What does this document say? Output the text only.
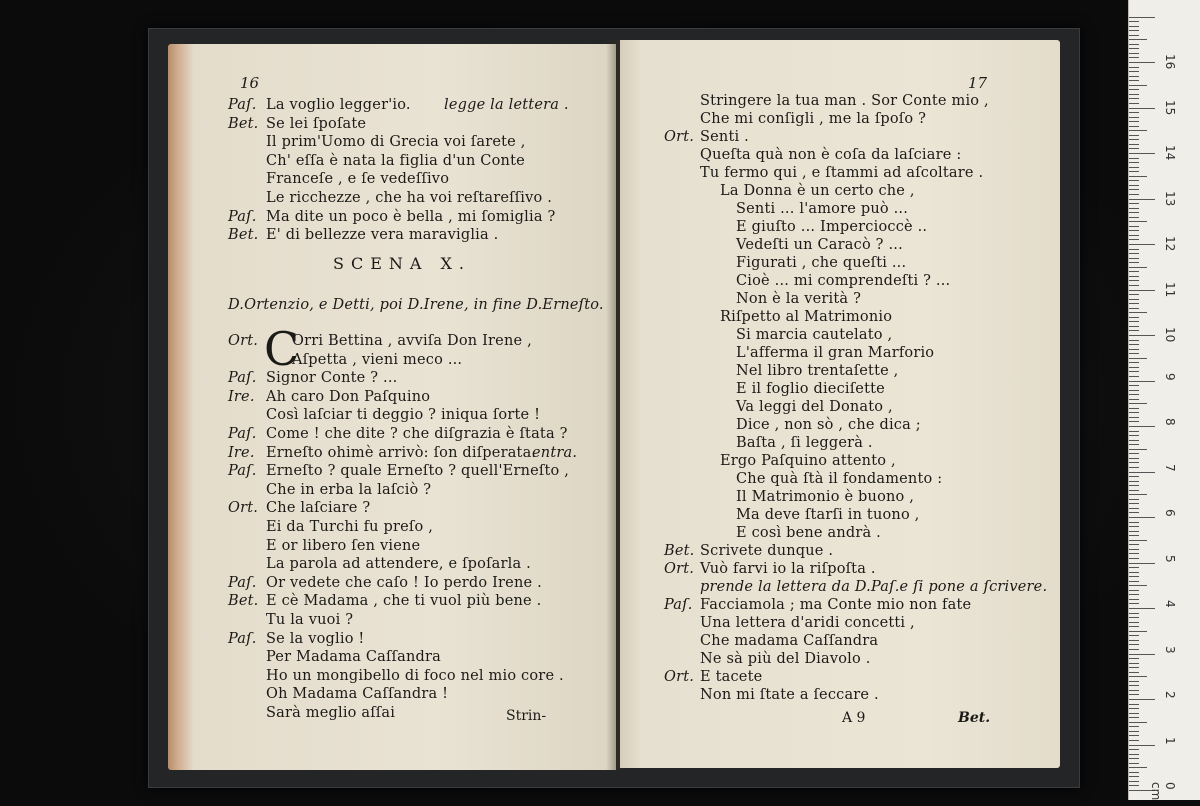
16
Paſ. La voglio legger'io. legge la lettera .
Bet. Se lei ſpoſate
Il prim'Uomo di Grecia voi ſarete ,
Ch' eſſa è nata la figlia d'un Conte
Franceſe , e ſe vedeſſivo
Le ricchezze , che ha voi reſtareſſivo .
Paſ. Ma dite un poco è bella , mi ſomiglia ?
Bet. E' di bellezze vera maraviglia .
SCENA X.
D.Ortenzio, e Detti, poi D.Irene, in fine D.Erneſto.
C
Ort. Orri Bettina , avviſa Don Irene ,
Aſpetta , vieni meco ...
Paſ. Signor Conte ? ...
Ire. Ah caro Don Paſquino
Così laſciar ti deggio ? iniqua ſorte !
Paſ. Come ! che dite ? che diſgrazia è ſtata ?
Ire. Erneſto ohimè arrivò: ſon diſperata.
entra.
Paſ. Erneſto ? quale Erneſto ? quell'Erneſto ,
Che in erba la laſciò ?
Ort. Che laſciare ?
Ei da Turchi fu preſo ,
E or libero ſen viene
La parola ad attendere, e ſpoſarla .
Paſ. Or vedete che caſo ! Io perdo Irene .
Bet. E cè Madama , che ti vuol più bene .
Tu la vuoi ?
Paſ. Se la voglio !
Per Madama Caſſandra
Ho un mongibello di foco nel mio core .
Oh Madama Caſſandra !
Sarà meglio aſſai	Strin-
17
Stringere la tua man . Sor Conte mio ,
Che mi conſigli , me la ſpoſo ?
Ort. Senti .
Queſta quà non è coſa da laſciare :
Tu fermo qui , e ſtammi ad aſcoltare .
La Donna è un certo che ,
Senti ... l'amore può ...
E giuſto ... Impercioccè ..
Vedeſti un Caracò ? ...
Figurati , che queſti ...
Cioè ... mi comprendeſti ? ...
Non è la verità ?
Riſpetto al Matrimonio
Si marcia cautelato ,
L'afferma il gran Marforio
Nel libro trentaſette ,
E il foglio dieciſette
Va leggi del Donato ,
Dice , non sò , che dica ;
Baſta , ſi leggerà .
Ergo Paſquino attento ,
Che quà ſtà il fondamento :
Il Matrimonio è buono ,
Ma deve ſtarſi in tuono ,
E così bene andrà .
Bet. Scrivete dunque .
Ort. Vuò farvi io la riſpoſta .
prende la lettera da D.Paſ.e ſi pone a ſcrivere.
Paſ. Facciamola ; ma Conte mio non fate
Una lettera d'aridi concetti ,
Che madama Caſſandra
Ne sà più del Diavolo .
Ort. E tacete
Non mi ſtate a ſeccare .
A 9	Bet.
0 cm
1
2
3
4
5
6
7
8
9
10
11
12
13
14
15
16
